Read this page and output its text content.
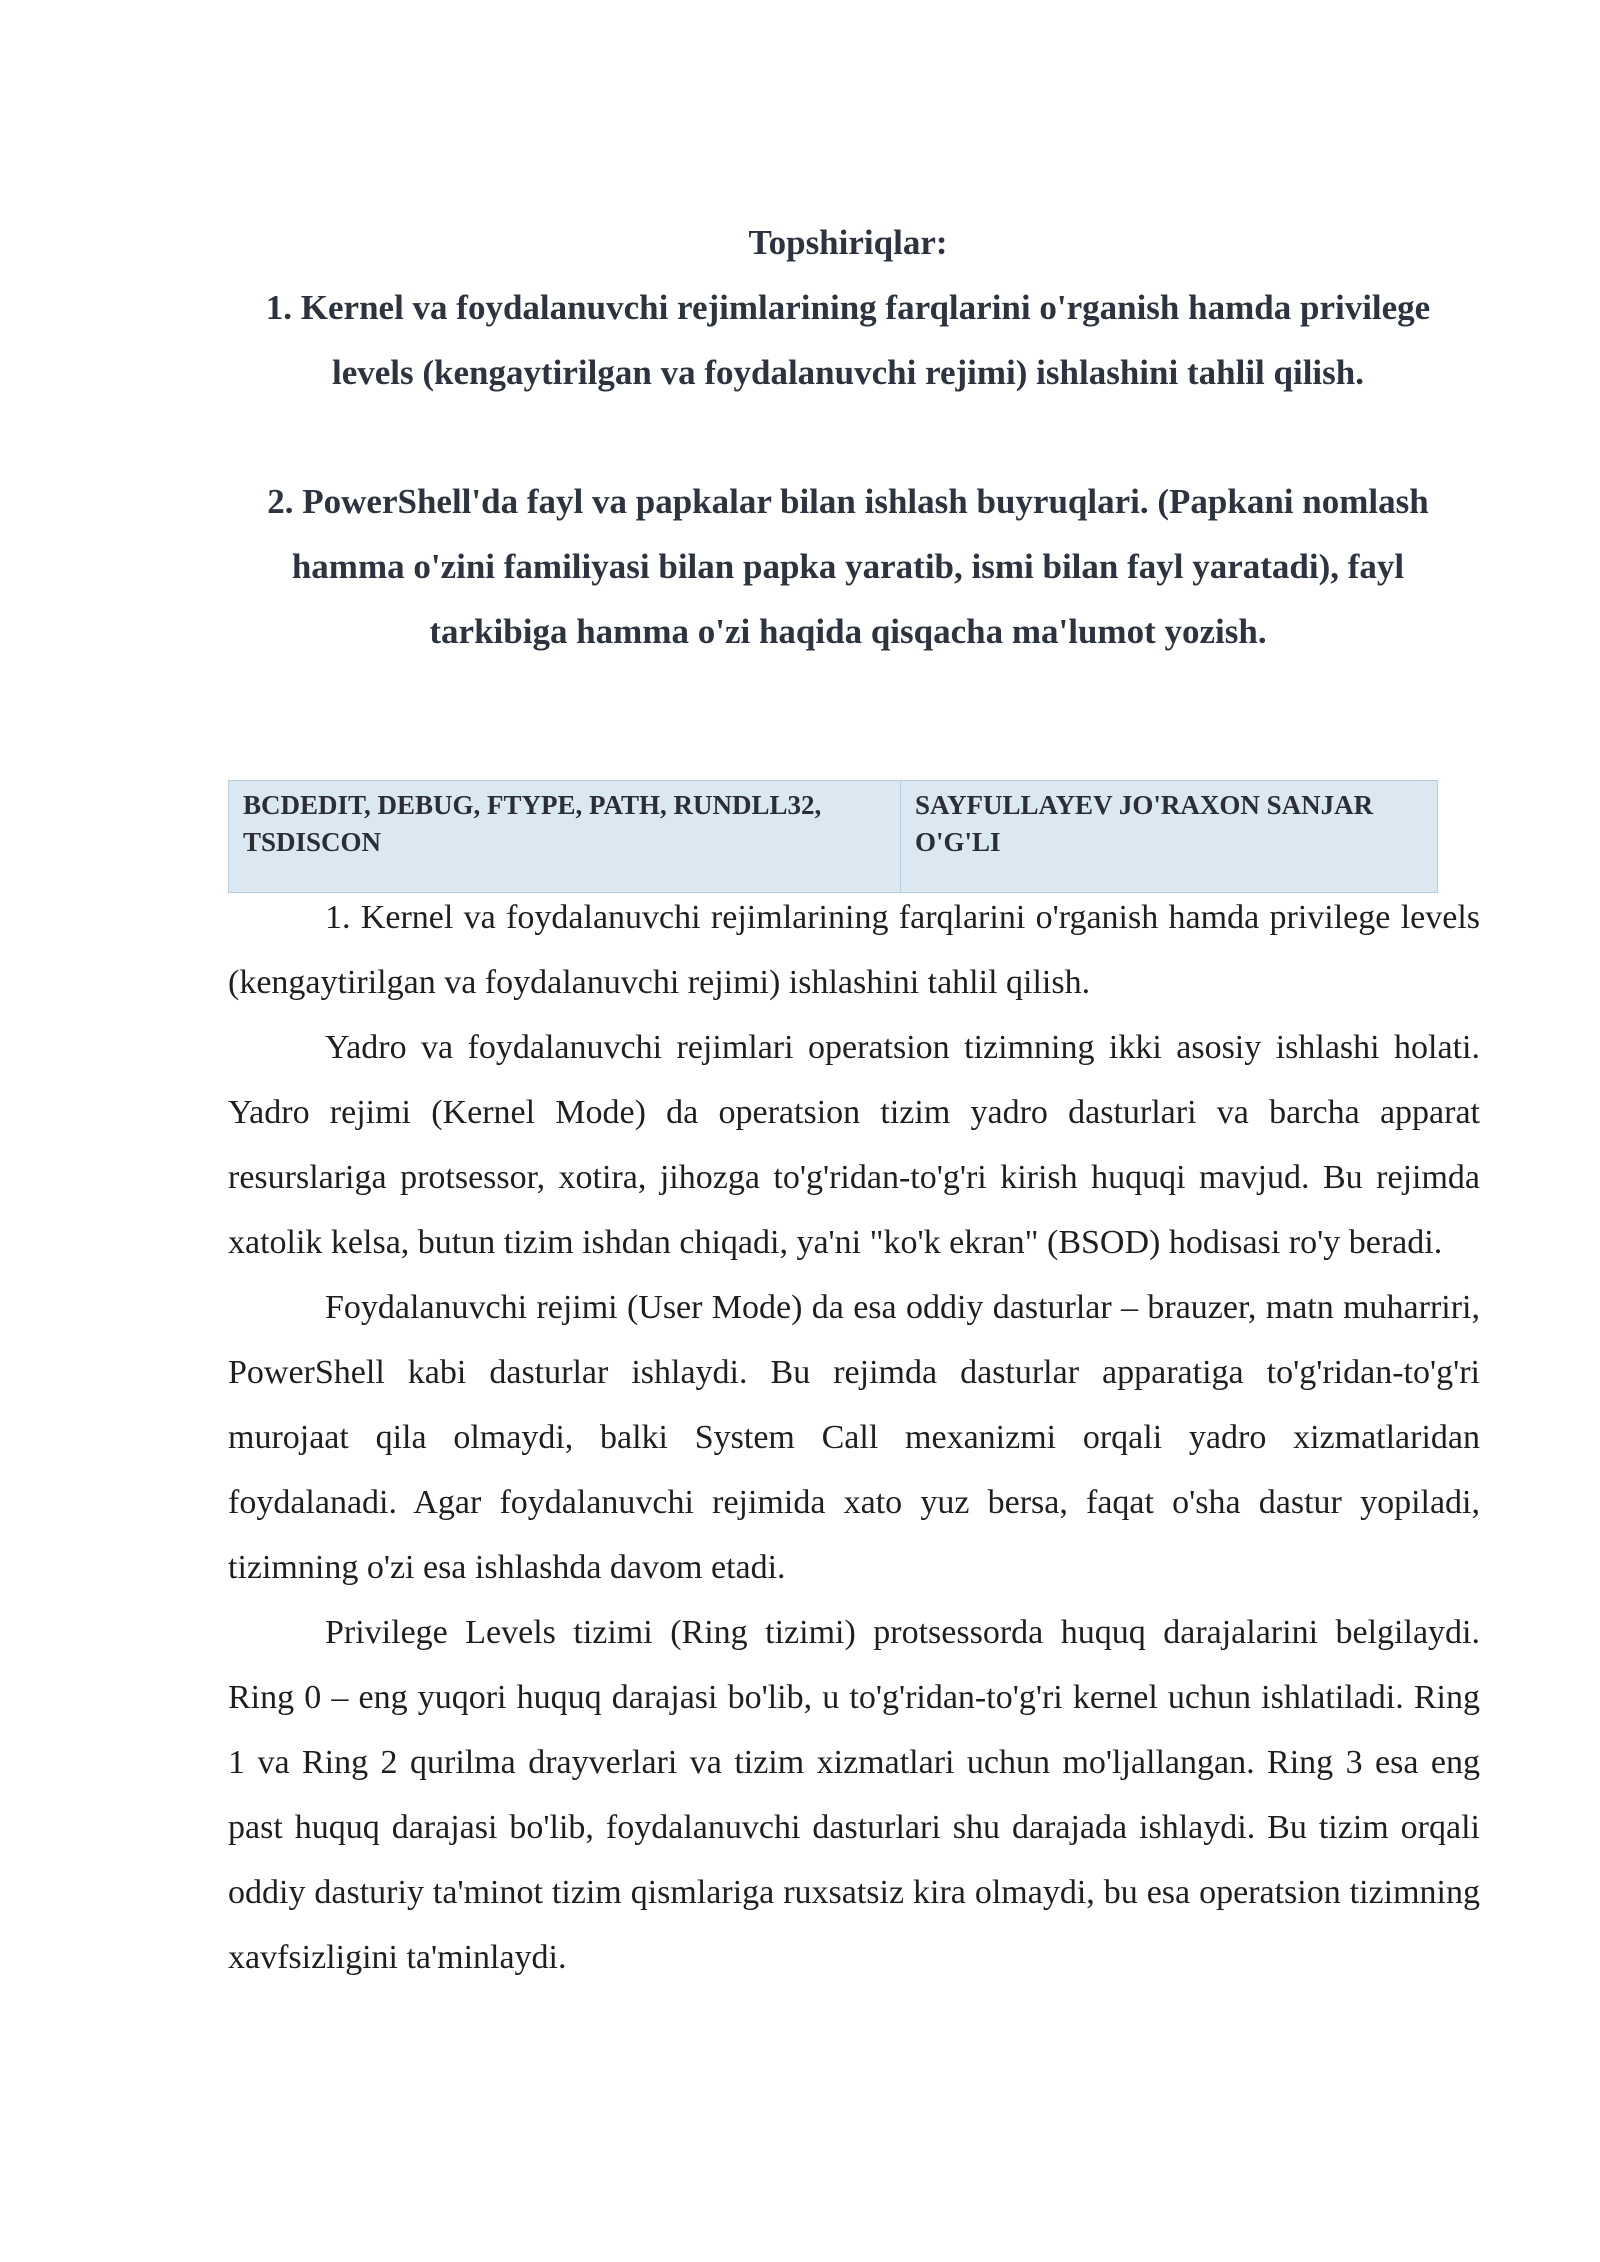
Topshiriqlar:

1. Kernel va foydalanuvchi rejimlarining farqlarini o'rganish hamda privilege levels (kengaytirilgan va foydalanuvchi rejimi) ishlashini tahlil qilish.

2. PowerShell'da fayl va papkalar bilan ishlash buyruqlari. (Papkani nomlash hamma o'zini familiyasi bilan papka yaratib, ismi bilan fayl yaratadi), fayl tarkibiga hamma o'zi haqida qisqacha ma'lumot yozish.

BCDEDIT, DEBUG, FTYPE, PATH, RUNDLL32, TSDISCON	SAYFULLAYEV JO'RAXON SANJAR O'G'LI

1. Kernel va foydalanuvchi rejimlarining farqlarini o'rganish hamda privilege levels (kengaytirilgan va foydalanuvchi rejimi) ishlashini tahlil qilish.

Yadro va foydalanuvchi rejimlari operatsion tizimning ikki asosiy ishlashi holati. Yadro rejimi (Kernel Mode) da operatsion tizim yadro dasturlari va barcha apparat resurslariga protsessor, xotira, jihozga to'g'ridan-to'g'ri kirish huquqi mavjud. Bu rejimda xatolik kelsa, butun tizim ishdan chiqadi, ya'ni "ko'k ekran" (BSOD) hodisasi ro'y beradi.

Foydalanuvchi rejimi (User Mode) da esa oddiy dasturlar – brauzer, matn muharriri, PowerShell kabi dasturlar ishlaydi. Bu rejimda dasturlar apparatiga to'g'ridan-to'g'ri murojaat qila olmaydi, balki System Call mexanizmi orqali yadro xizmatlaridan foydalanadi. Agar foydalanuvchi rejimida xato yuz bersa, faqat o'sha dastur yopiladi, tizimning o'zi esa ishlashda davom etadi.

Privilege Levels tizimi (Ring tizimi) protsessorda huquq darajalarini belgilaydi. Ring 0 – eng yuqori huquq darajasi bo'lib, u to'g'ridan-to'g'ri kernel uchun ishlatiladi. Ring 1 va Ring 2 qurilma drayverlari va tizim xizmatlari uchun mo'ljallangan. Ring 3 esa eng past huquq darajasi bo'lib, foydalanuvchi dasturlari shu darajada ishlaydi. Bu tizim orqali oddiy dasturiy ta'minot tizim qismlariga ruxsatsiz kira olmaydi, bu esa operatsion tizimning xavfsizligini ta'minlaydi.
